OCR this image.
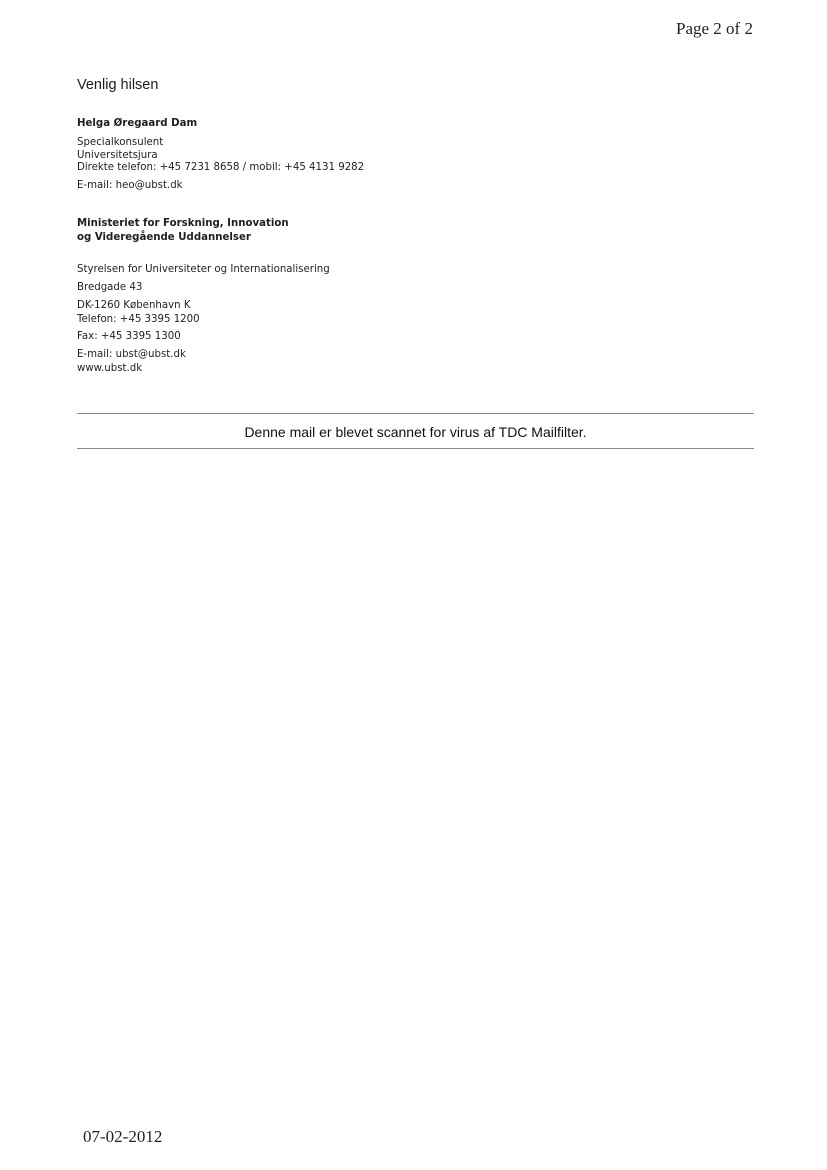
Page 2 of 2
Venlig hilsen
Helga Øregaard Dam
Specialkonsulent
Universitetsjura
Direkte telefon: +45 7231 8658 / mobil: +45 4131 9282
E-mail: heo@ubst.dk
Ministeriet for Forskning, Innovation
og Videregående Uddannelser
Styrelsen for Universiteter og Internationalisering
Bredgade 43
DK-1260 København K
Telefon: +45 3395 1200
Fax: +45 3395 1300
E-mail: ubst@ubst.dk
www.ubst.dk
Denne mail er blevet scannet for virus af TDC Mailfilter.
07-02-2012
